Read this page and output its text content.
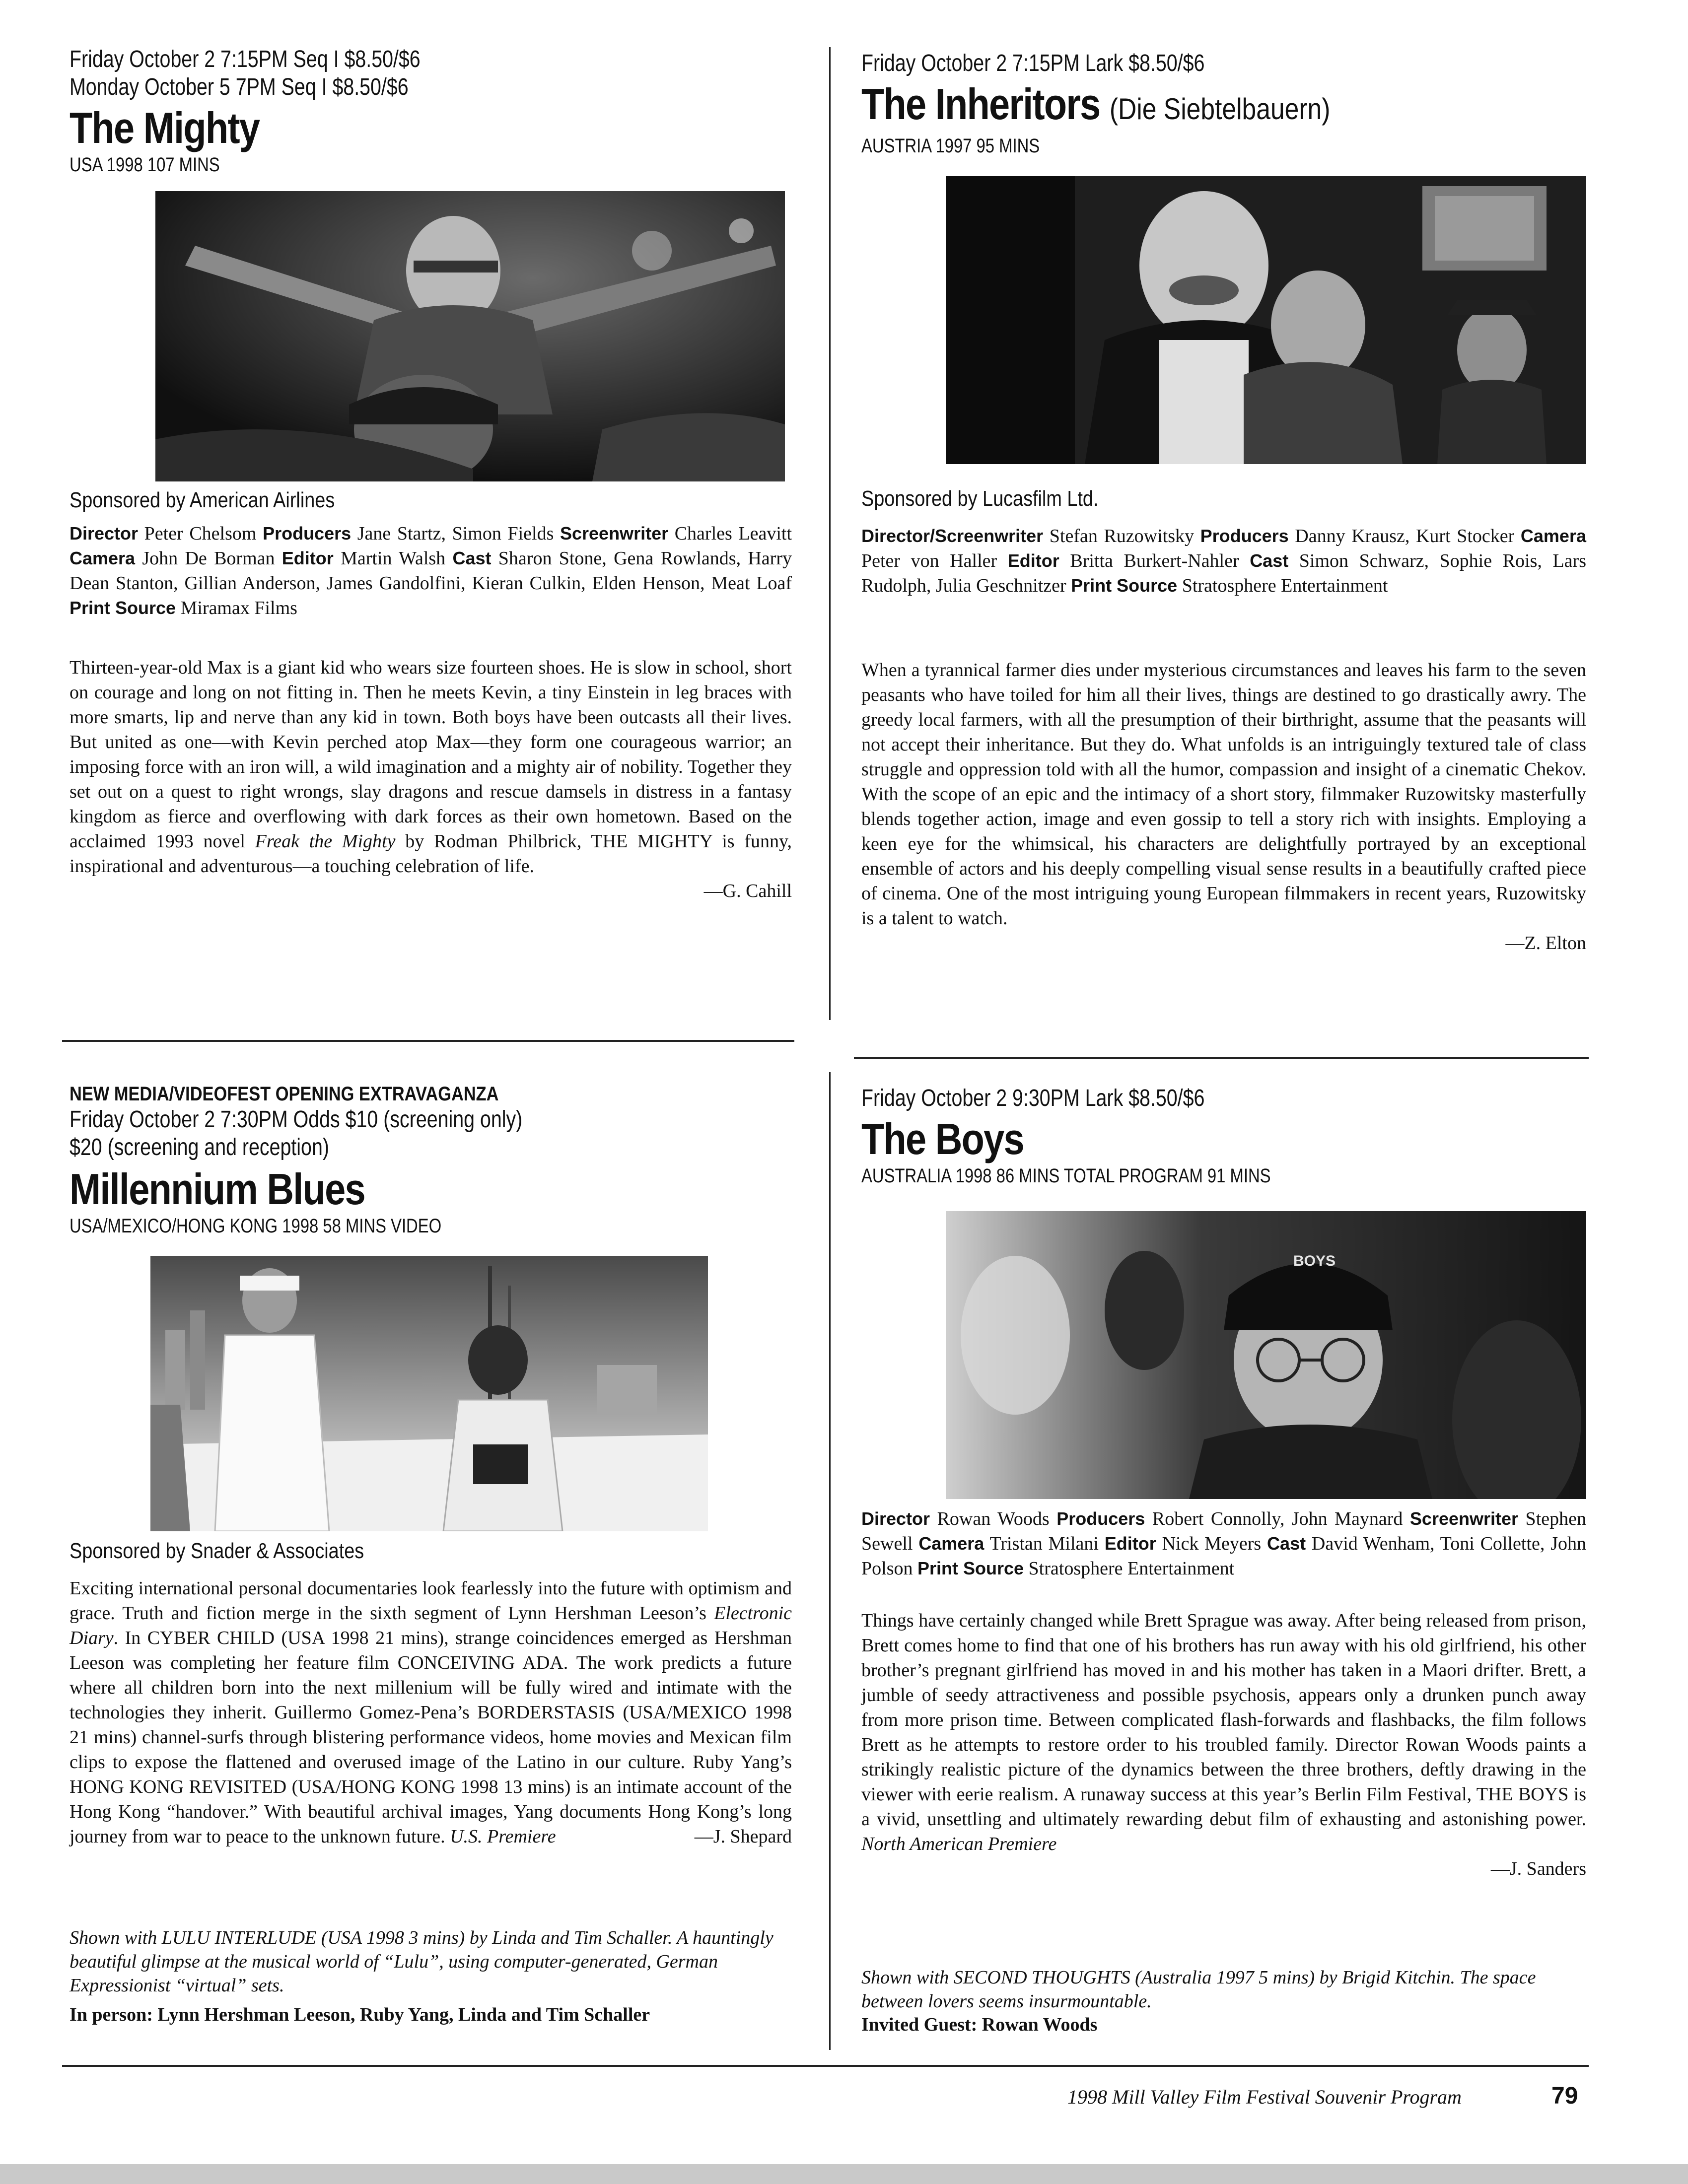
Friday October 2 7:15PM Seq I $8.50/$6
Monday October 5 7PM Seq I $8.50/$6
The Mighty
USA 1998 107 MINS
Sponsored by American Airlines
Director Peter Chelsom Producers Jane Startz, Simon Fields Screenwriter Charles Leavitt Camera John De Borman Editor Martin Walsh Cast Sharon Stone, Gena Rowlands, Harry Dean Stanton, Gillian Anderson, James Gandolfini, Kieran Culkin, Elden Henson, Meat Loaf Print Source Miramax Films
Thirteen-year-old Max is a giant kid who wears size fourteen shoes. He is slow in school, short on courage and long on not fitting in. Then he meets Kevin, a tiny Einstein in leg braces with more smarts, lip and nerve than any kid in town. Both boys have been outcasts all their lives. But united as one—with Kevin perched atop Max—they form one courageous warrior; an imposing force with an iron will, a wild imagination and a mighty air of nobility. Together they set out on a quest to right wrongs, slay dragons and rescue damsels in distress in a fantasy kingdom as fierce and overflowing with dark forces as their own hometown. Based on the acclaimed 1993 novel Freak the Mighty by Rodman Philbrick, THE MIGHTY is funny, inspirational and adventurous—a touching celebration of life.
—G. Cahill
Friday October 2 7:15PM Lark $8.50/$6
The Inheritors (Die Siebtelbauern)
AUSTRIA 1997 95 MINS
Sponsored by Lucasfilm Ltd.
Director/Screenwriter Stefan Ruzowitsky Producers Danny Krausz, Kurt Stocker Camera Peter von Haller Editor Britta Burkert-Nahler Cast Simon Schwarz, Sophie Rois, Lars Rudolph, Julia Geschnitzer Print Source Stratosphere Entertainment
When a tyrannical farmer dies under mysterious circumstances and leaves his farm to the seven peasants who have toiled for him all their lives, things are destined to go drastically awry. The greedy local farmers, with all the presumption of their birthright, assume that the peasants will not accept their inheritance. But they do. What unfolds is an intriguingly textured tale of class struggle and oppression told with all the humor, compassion and insight of a cinematic Chekov. With the scope of an epic and the intimacy of a short story, filmmaker Ruzowitsky masterfully blends together action, image and even gossip to tell a story rich with insights. Employing a keen eye for the whimsical, his characters are delightfully portrayed by an exceptional ensemble of actors and his deeply compelling visual sense results in a beautifully crafted piece of cinema. One of the most intriguing young European filmmakers in recent years, Ruzowitsky is a talent to watch.
—Z. Elton
NEW MEDIA/VIDEOFEST OPENING EXTRAVAGANZA
Friday October 2 7:30PM Odds $10 (screening only)
$20 (screening and reception)
Millennium Blues
USA/MEXICO/HONG KONG 1998 58 MINS VIDEO
Sponsored by Snader & Associates
Exciting international personal documentaries look fearlessly into the future with optimism and grace. Truth and fiction merge in the sixth segment of Lynn Hershman Leeson’s Electronic Diary. In CYBER CHILD (USA 1998 21 mins), strange coincidences emerged as Hershman Leeson was completing her feature film CONCEIVING ADA. The work predicts a future where all children born into the next millenium will be fully wired and intimate with the technologies they inherit. Guillermo Gomez-Pena’s BORDERSTASIS (USA/MEXICO 1998 21 mins) channel-surfs through blistering performance videos, home movies and Mexican film clips to expose the flattened and overused image of the Latino in our culture. Ruby Yang’s HONG KONG REVISITED (USA/HONG KONG 1998 13 mins) is an intimate account of the Hong Kong “handover.” With beautiful archival images, Yang documents Hong Kong’s long journey from war to peace to the unknown future. U.S. Premiere	—J. Shepard
Shown with LULU INTERLUDE (USA 1998 3 mins) by Linda and Tim Schaller. A hauntingly beautiful glimpse at the musical world of “Lulu”, using computer-generated, German Expressionist “virtual” sets.
In person: Lynn Hershman Leeson, Ruby Yang, Linda and Tim Schaller
Friday October 2 9:30PM Lark $8.50/$6
The Boys
AUSTRALIA 1998 86 MINS TOTAL PROGRAM 91 MINS
BOYS
Director Rowan Woods Producers Robert Connolly, John Maynard Screenwriter Stephen Sewell Camera Tristan Milani Editor Nick Meyers Cast David Wenham, Toni Collette, John Polson Print Source Stratosphere Entertainment
Things have certainly changed while Brett Sprague was away. After being released from prison, Brett comes home to find that one of his brothers has run away with his old girlfriend, his other brother’s pregnant girlfriend has moved in and his mother has taken in a Maori drifter. Brett, a jumble of seedy attractiveness and possible psychosis, appears only a drunken punch away from more prison time. Between complicated flash-forwards and flashbacks, the film follows Brett as he attempts to restore order to his troubled family. Director Rowan Woods paints a strikingly realistic picture of the dynamics between the three brothers, deftly drawing in the viewer with eerie realism. A runaway success at this year’s Berlin Film Festival, THE BOYS is a vivid, unsettling and ultimately rewarding debut film of exhausting and astonishing power. North American Premiere
—J. Sanders
Shown with SECOND THOUGHTS (Australia 1997 5 mins) by Brigid Kitchin. The space between lovers seems insurmountable.
Invited Guest: Rowan Woods
1998 Mill Valley Film Festival Souvenir Program	79
